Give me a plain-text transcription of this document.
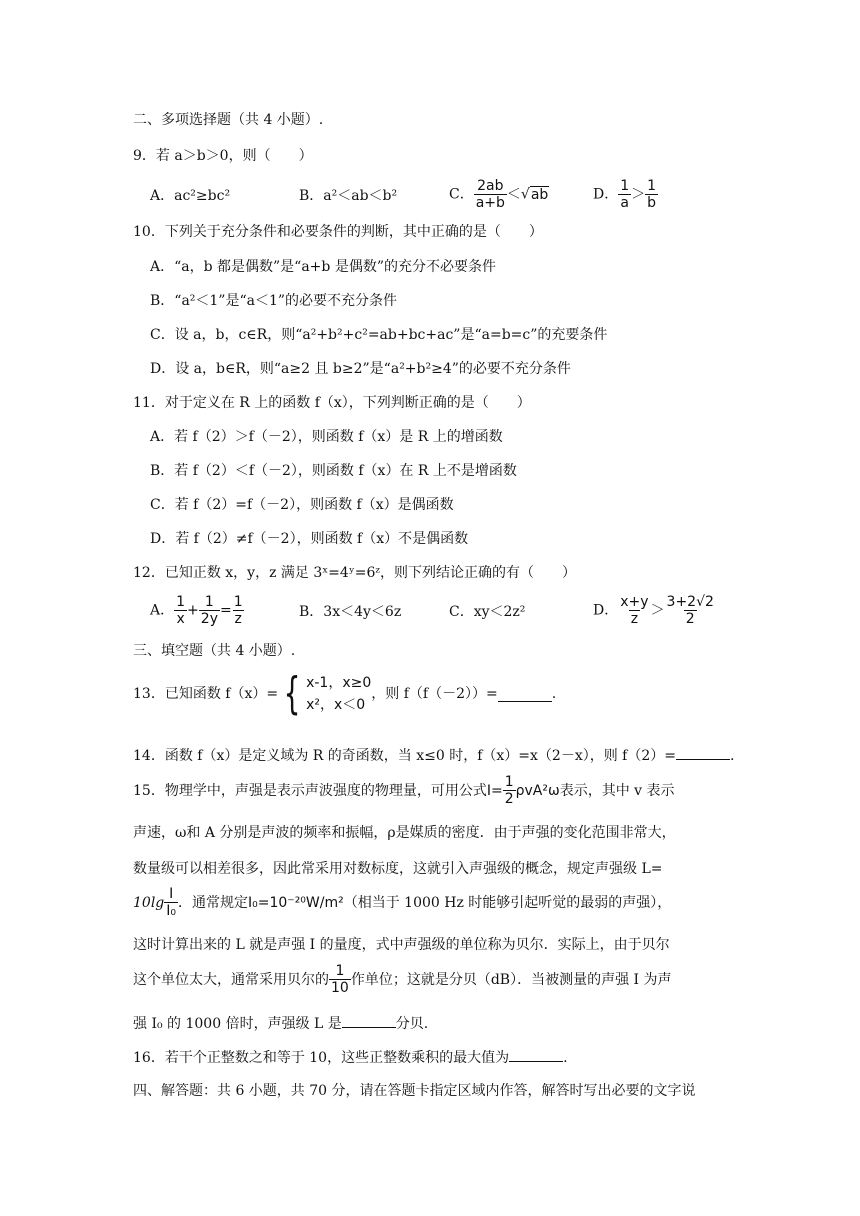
二、多项选择题（共 4 小题）.
9．若 a＞b＞0，则（　　）
A．ac²≥bc²	B．a²＜ab＜b²	C． $\frac{2ab}{a+b} <√ab$	D． $\frac{1}{a} > \frac{1}{b}$
10．下列关于充分条件和必要条件的判断，其中正确的是（　　）
A．“a，b 都是偶数”是“a+b 是偶数”的充分不必要条件
B．“a²＜1”是“a＜1”的必要不充分条件
C．设 a，b，c∈R，则“a²+b²+c²=ab+bc+ac”是“a=b=c”的充要条件
D．设 a，b∈R，则“a≥2 且 b≥2”是“a²+b²≥4”的必要不充分条件
11．对于定义在 R 上的函数 f（x），下列判断正确的是（　　）
A．若 f（2）＞f（－2），则函数 f（x）是 R 上的增函数
B．若 f（2）＜f（－2），则函数 f（x）在 R 上不是增函数
C．若 f（2）=f（－2），则函数 f（x）是偶函数
D．若 f（2）≠f（－2），则函数 f（x）不是偶函数
12．已知正数 x，y，z 满足 3ˣ=4ʸ=6ᶻ，则下列结论正确的有（　　）
A． $\frac{1}{x} + \frac{1}{2y} = \frac{1}{z}$	B．3x＜4y＜6z	C．xy＜2z²	D． $\frac{x+y}{z} > \frac{3+2√2}{2}$
三、填空题（共 4 小题）.
13．已知函数 f（x）= { x-1，x≥0
x²，x＜0
，则 f（f（－2））=	.
14．函数 f（x）是定义域为 R 的奇函数，当 x≤0 时，f（x）=x（2－x），则 f（2）=	.
15．物理学中，声强是表示声波强度的物理量，可用公式 $I= \frac{1}{2} \rho vA^2\omega$ 表示，其中 v 表示
声速，ω和 A 分别是声波的频率和振幅，ρ是媒质的密度．由于声强的变化范围非常大，
数量级可以相差很多，因此常采用对数标度，这就引入声强级的概念，规定声强级 L=
$10\lg \frac{I}{\text{I₀}}$ ．通常规定 I₀=10⁻²⁰W/m² （相当于 1000 Hz 时能够引起听觉的最弱的声强），
这时计算出来的 L 就是声强 I 的量度，式中声强级的单位称为贝尔．实际上，由于贝尔
这个单位太大，通常采用贝尔的 $\frac{1}{10}$ 作单位；这就是分贝（dB）．当被测量的声强 I 为声
强 I₀ 的 1000 倍时，声强级 L 是	分贝.
16．若干个正整数之和等于 10，这些正整数乘积的最大值为	.
四、解答题：共 6 小题，共 70 分，请在答题卡指定区域内作答，解答时写出必要的文字说
